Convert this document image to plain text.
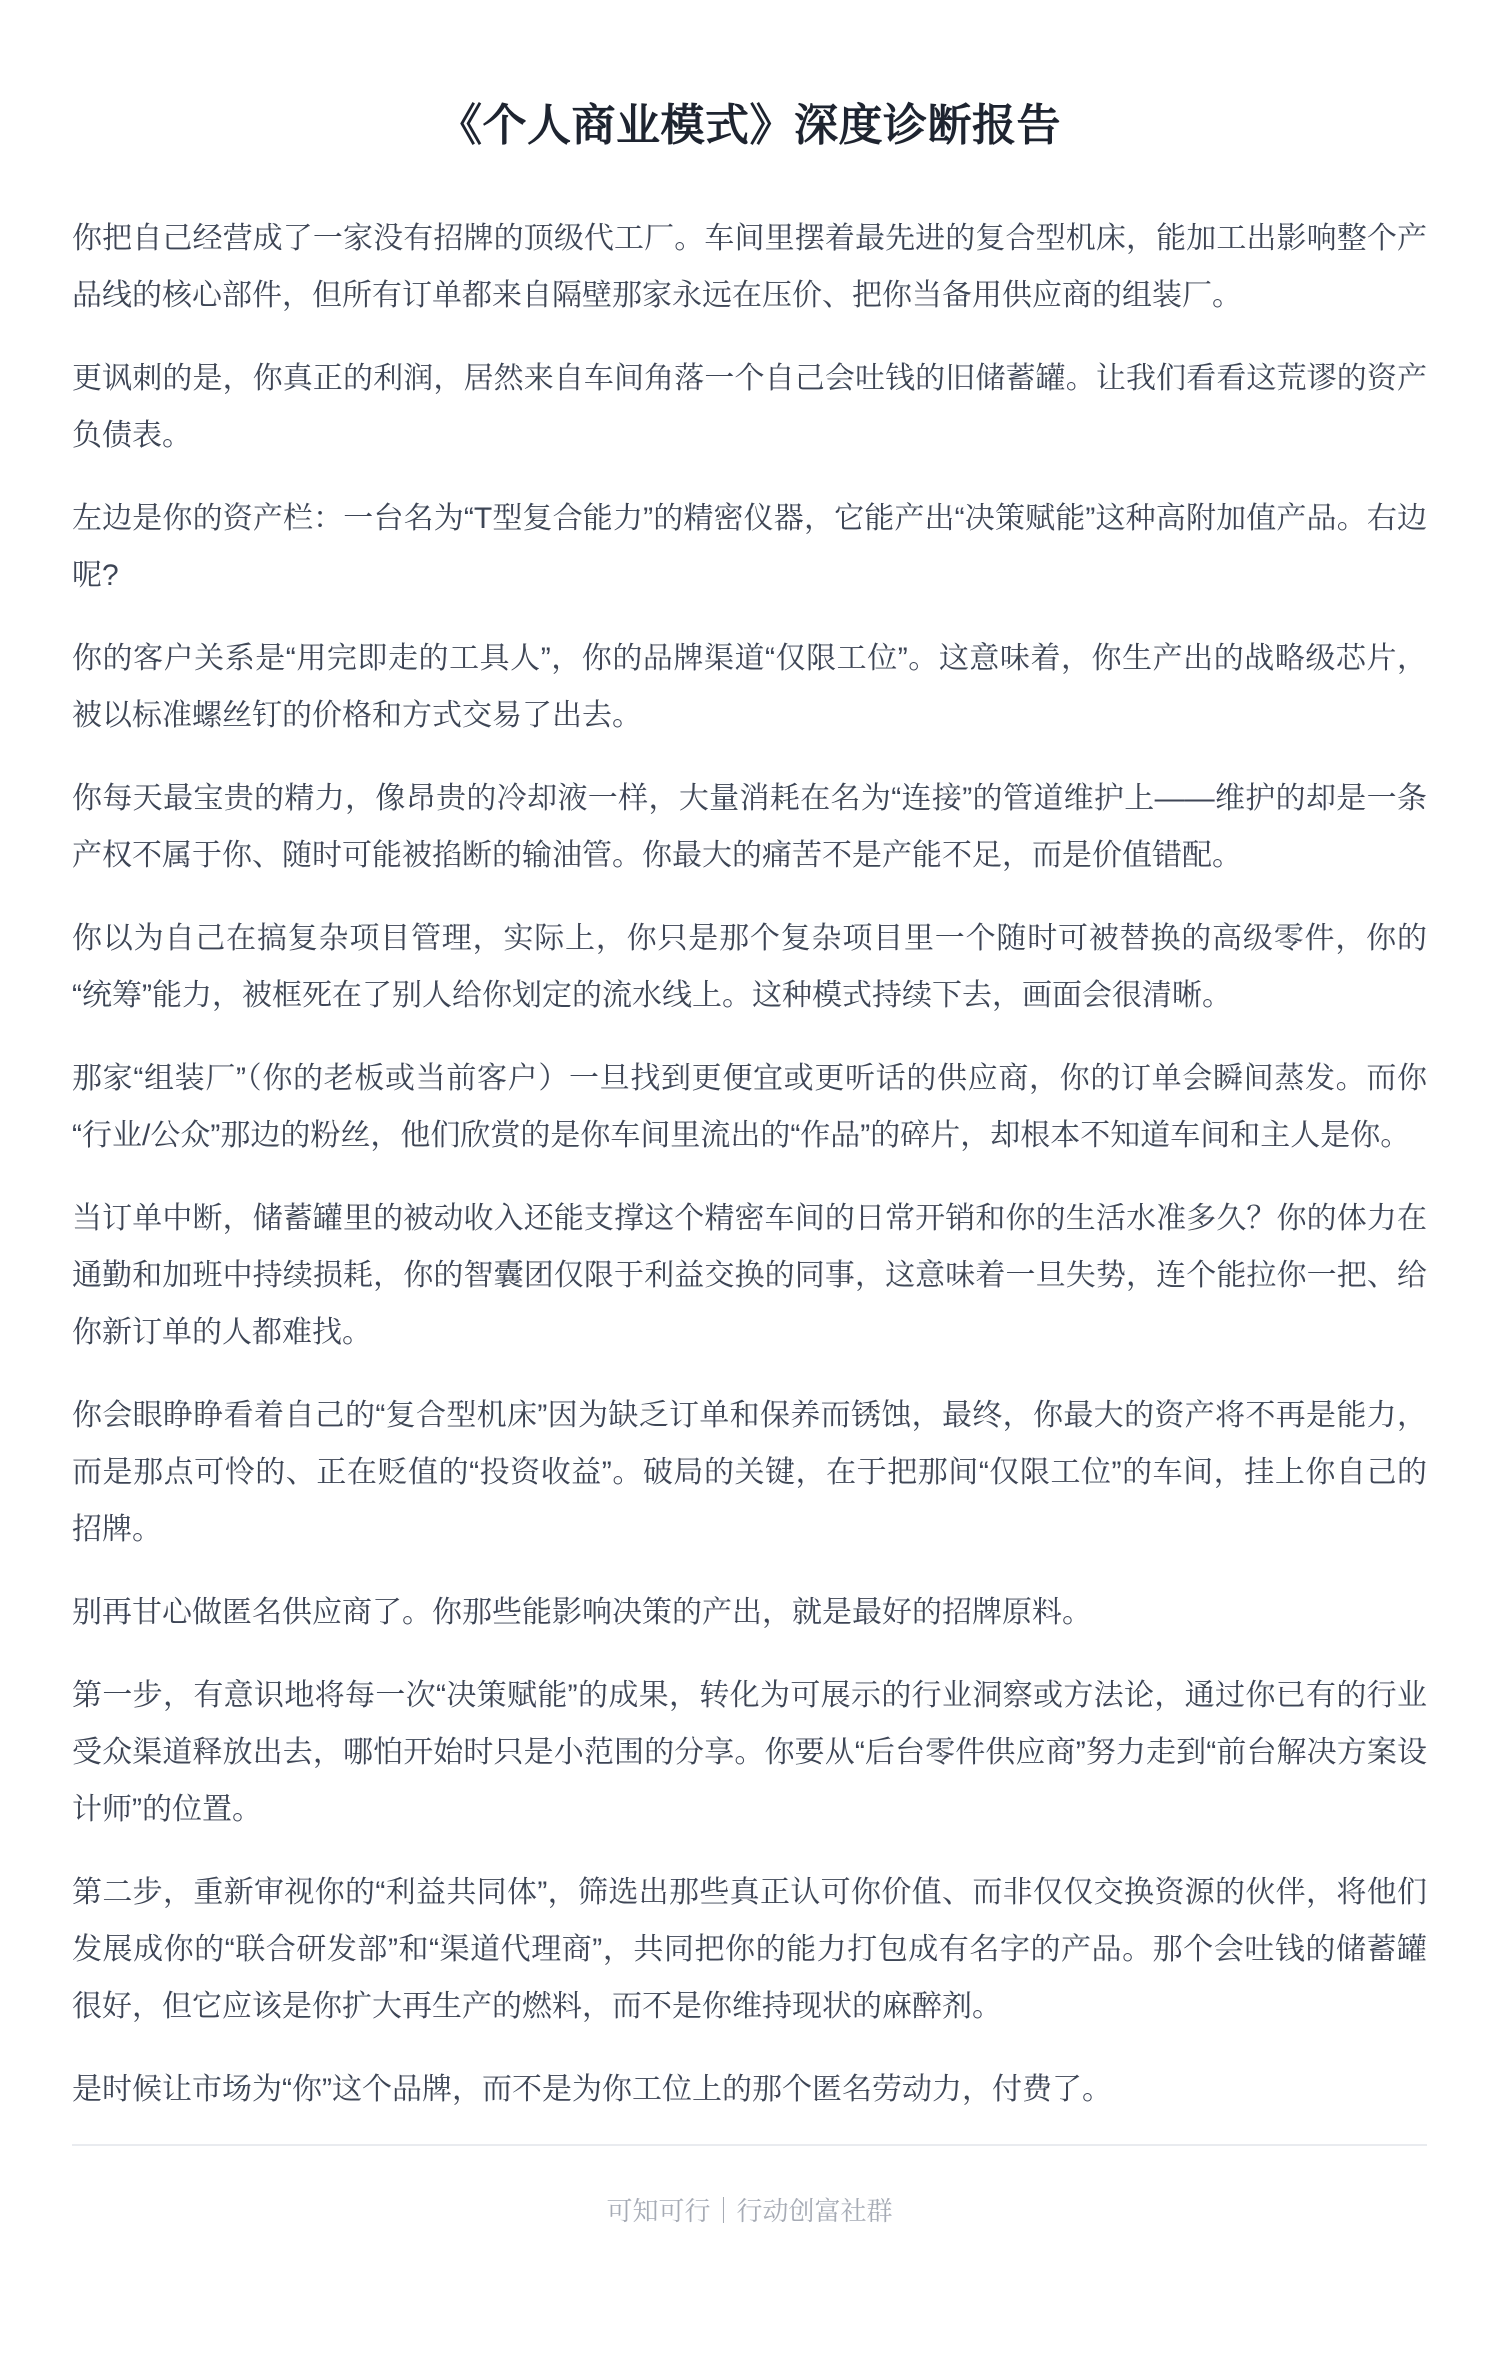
《个人商业模式》深度诊断报告

你把自己经营成了一家没有招牌的顶级代工厂。车间里摆着最先进的复合型机床，能加工出影响整个产品线的核心部件，但所有订单都来自隔壁那家永远在压价、把你当备用供应商的组装厂。

更讽刺的是，你真正的利润，居然来自车间角落一个自己会吐钱的旧储蓄罐。让我们看看这荒谬的资产负债表。

左边是你的资产栏：一台名为“T型复合能力”的精密仪器，它能产出“决策赋能”这种高附加值产品。右边呢?

你的客户关系是“用完即走的工具人”，你的品牌渠道“仅限工位”。这意味着，你生产出的战略级芯片，被以标准螺丝钉的价格和方式交易了出去。

你每天最宝贵的精力，像昂贵的冷却液一样，大量消耗在名为“连接”的管道维护上——维护的却是一条产权不属于你、随时可能被掐断的输油管。你最大的痛苦不是产能不足，而是价值错配。

你以为自己在搞复杂项目管理，实际上，你只是那个复杂项目里一个随时可被替换的高级零件，你的“统筹”能力，被框死在了别人给你划定的流水线上。这种模式持续下去，画面会很清晰。

那家“组装厂”（你的老板或当前客户）一旦找到更便宜或更听话的供应商，你的订单会瞬间蒸发。而你“行业/公众”那边的粉丝，他们欣赏的是你车间里流出的“作品”的碎片，却根本不知道车间和主人是你。

当订单中断，储蓄罐里的被动收入还能支撑这个精密车间的日常开销和你的生活水准多久？你的体力在通勤和加班中持续损耗，你的智囊团仅限于利益交换的同事，这意味着一旦失势，连个能拉你一把、给你新订单的人都难找。

你会眼睁睁看着自己的“复合型机床”因为缺乏订单和保养而锈蚀，最终，你最大的资产将不再是能力，而是那点可怜的、正在贬值的“投资收益”。破局的关键，在于把那间“仅限工位”的车间，挂上你自己的招牌。

别再甘心做匿名供应商了。你那些能影响决策的产出，就是最好的招牌原料。

第一步，有意识地将每一次“决策赋能”的成果，转化为可展示的行业洞察或方法论，通过你已有的行业受众渠道释放出去，哪怕开始时只是小范围的分享。你要从“后台零件供应商”努力走到“前台解决方案设计师”的位置。

第二步，重新审视你的“利益共同体”，筛选出那些真正认可你价值、而非仅仅交换资源的伙伴，将他们发展成你的“联合研发部”和“渠道代理商”，共同把你的能力打包成有名字的产品。那个会吐钱的储蓄罐很好，但它应该是你扩大再生产的燃料，而不是你维持现状的麻醉剂。

是时候让市场为“你”这个品牌，而不是为你工位上的那个匿名劳动力，付费了。

可知可行｜行动创富社群
